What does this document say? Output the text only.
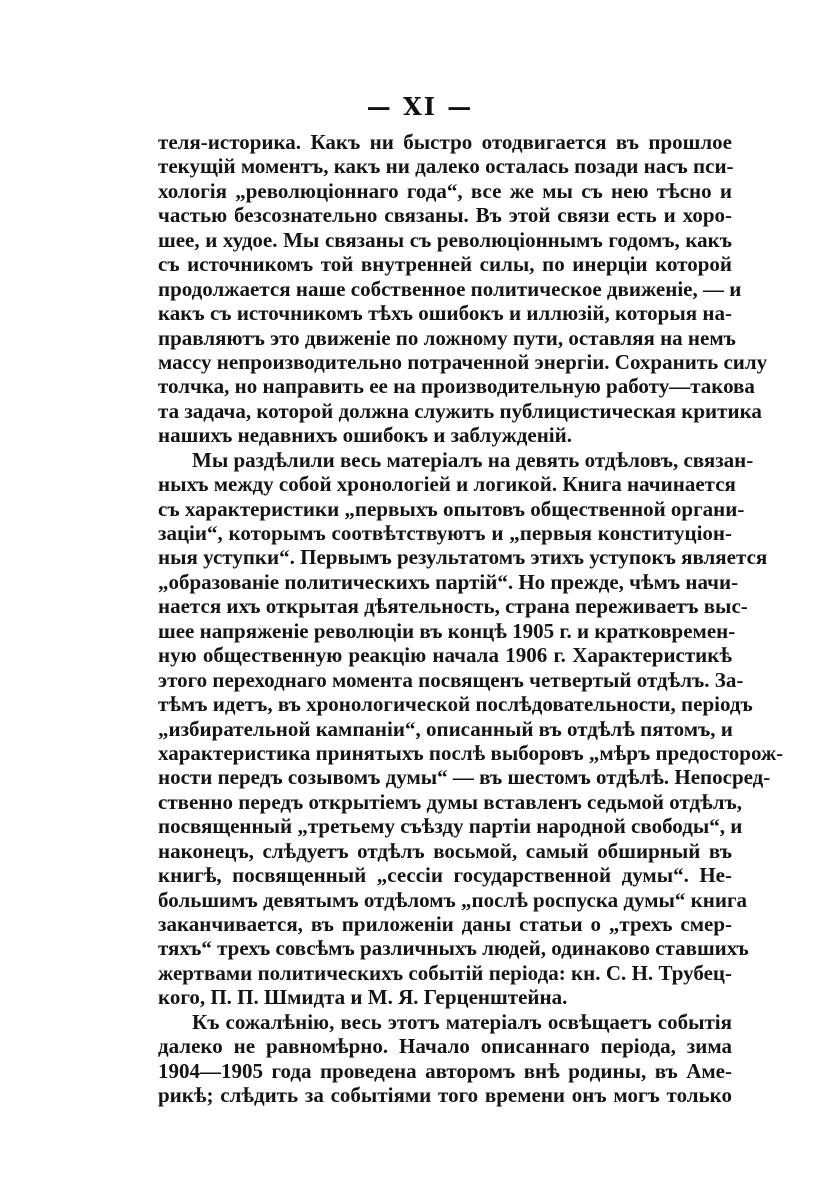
— XI —
теля-историка. Какъ ни быстро отодвигается въ прошлое
текущій моментъ, какъ ни далеко осталась позади насъ пси-
хологія „революціоннаго года“, все же мы съ нею тѣсно и
частью безсознательно связаны. Въ этой связи есть и хоро-
шее, и худое. Мы связаны съ революціоннымъ годомъ, какъ
съ источникомъ той внутренней силы, по инерціи которой
продолжается наше собственное политическое движеніе, — и
какъ съ источникомъ тѣхъ ошибокъ и иллюзій, которыя на-
правляютъ это движеніе по ложному пути, оставляя на немъ
массу непроизводительно потраченной энергіи. Сохранить силу
толчка, но направить ее на производительную работу—такова
та задача, которой должна служить публицистическая критика
нашихъ недавнихъ ошибокъ и заблужденій.
Мы раздѣлили весь матеріалъ на девять отдѣловъ, связан-
ныхъ между собой хронологіей и логикой. Книга начинается
съ характеристики „первыхъ опытовъ общественной органи-
заціи“, которымъ соотвѣтствуютъ и „первыя конституціон-
ныя уступки“. Первымъ результатомъ этихъ уступокъ является
„образованіе политическихъ партій“. Но прежде, чѣмъ начи-
нается ихъ открытая дѣятельность, страна переживаетъ выс-
шее напряженіе революціи въ концѣ 1905 г. и кратковремен-
ную общественную реакцію начала 1906 г. Характеристикѣ
этого переходнаго момента посвященъ четвертый отдѣлъ. За-
тѣмъ идетъ, въ хронологической послѣдовательности, періодъ
„избирательной кампаніи“, описанный въ отдѣлѣ пятомъ, и
характеристика принятыхъ послѣ выборовъ „мѣръ предосторож-
ности передъ созывомъ думы“ — въ шестомъ отдѣлѣ. Непосред-
ственно передъ открытіемъ думы вставленъ седьмой отдѣлъ,
посвященный „третьему съѣзду партіи народной свободы“, и
наконецъ, слѣдуетъ отдѣлъ восьмой, самый обширный въ
книгѣ, посвященный „сессіи государственной думы“. Не-
большимъ девятымъ отдѣломъ „послѣ роспуска думы“ книга
заканчивается, въ приложеніи даны статьи о „трехъ смер-
тяхъ“ трехъ совсѣмъ различныхъ людей, одинаково ставшихъ
жертвами политическихъ событій періода: кн. С. Н. Трубец-
кого, П. П. Шмидта и М. Я. Герценштейна.
Къ сожалѣнію, весь этотъ матеріалъ освѣщаетъ событія
далеко не равномѣрно. Начало описаннаго періода, зима
1904—1905 года проведена авторомъ внѣ родины, въ Аме-
рикѣ; слѣдить за событіями того времени онъ могъ только
